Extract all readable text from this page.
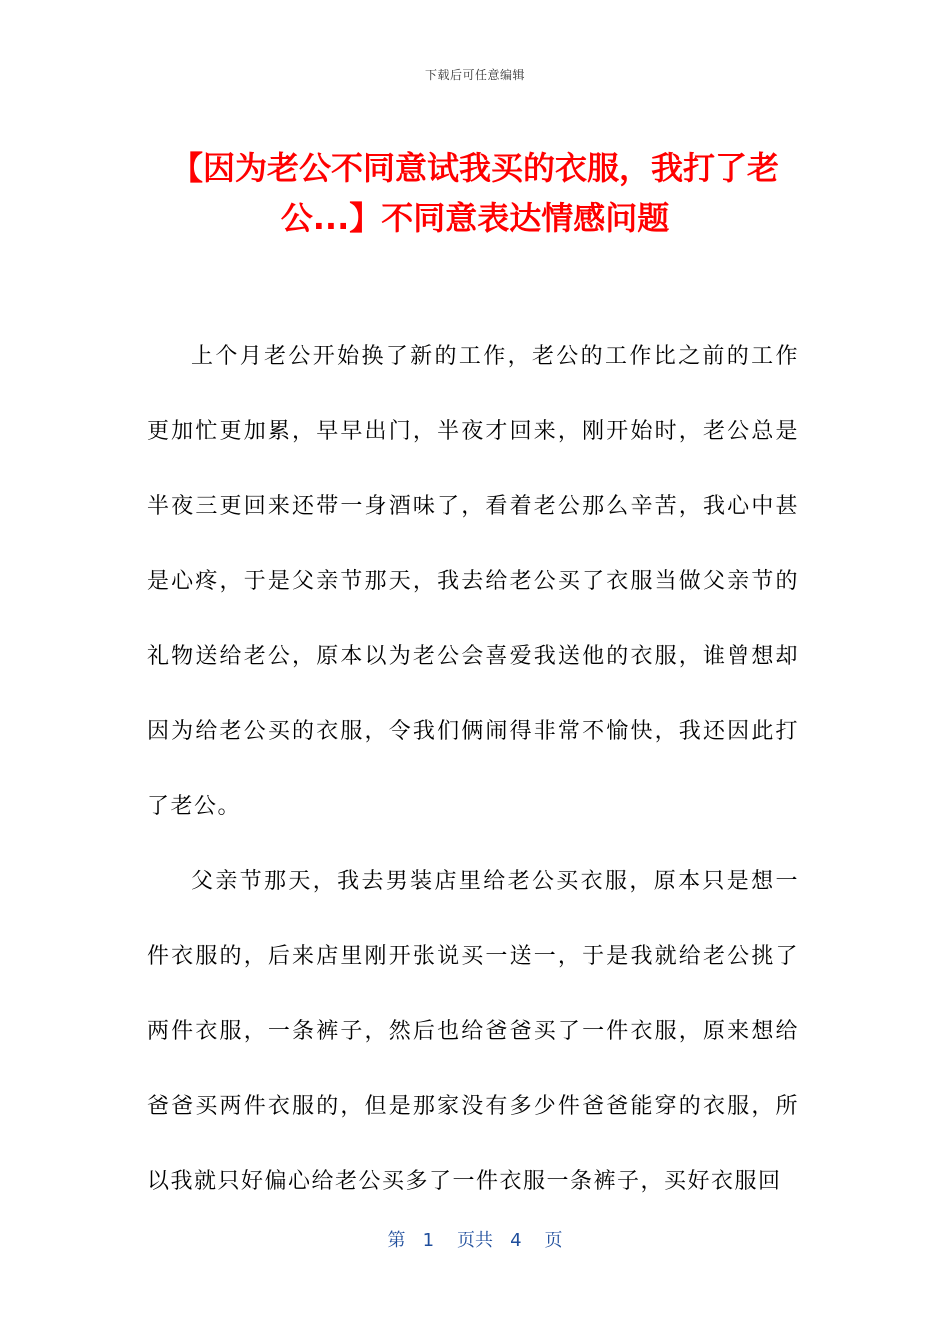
下载后可任意编辑
【因为老公不同意试我买的衣服，我打了老公...】不同意表达情感问题

上个月老公开始换了新的工作，老公的工作比之前的工作更加忙更加累，早早出门，半夜才回来，刚开始时，老公总是半夜三更回来还带一身酒味了，看着老公那么辛苦，我心中甚是心疼，于是父亲节那天，我去给老公买了衣服当做父亲节的礼物送给老公，原本以为老公会喜爱我送他的衣服，谁曾想却因为给老公买的衣服，令我们俩闹得非常不愉快，我还因此打了老公。

父亲节那天，我去男装店里给老公买衣服，原本只是想一件衣服的，后来店里刚开张说买一送一，于是我就给老公挑了两件衣服，一条裤子，然后也给爸爸买了一件衣服，原来想给爸爸买两件衣服的，但是那家没有多少件爸爸能穿的衣服，所以我就只好偏心给老公买多了一件衣服一条裤子，买好衣服回

第 1 页共 4 页
